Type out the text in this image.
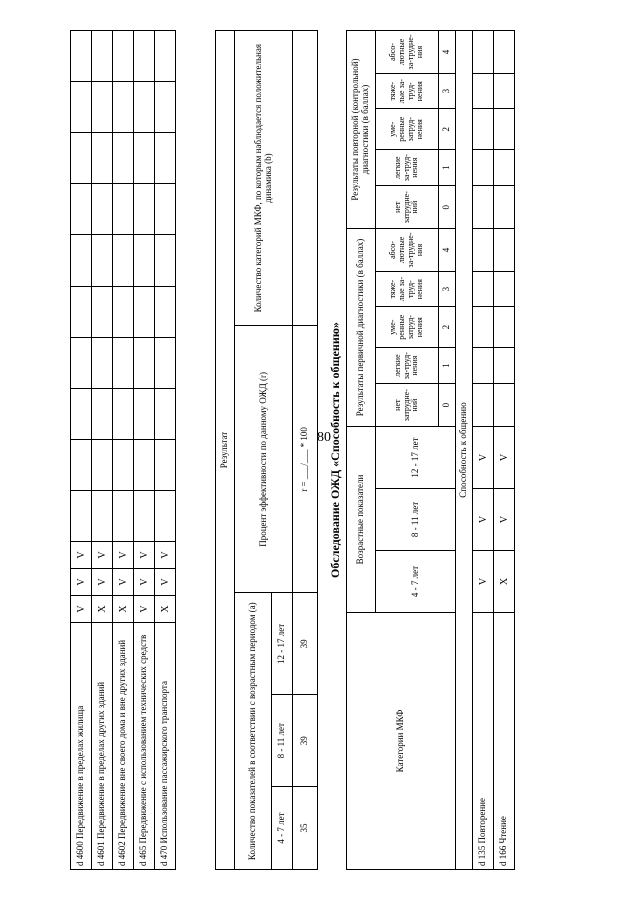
80
d 4600 Передвижение в пределах жилища	V	V	V										
d 4601 Передвижение в пределах других зданий	X	V	V										
d 4602 Передвижение вне своего дома и вне других зданий	X	V	V										
d 465 Передвижение с использованием технических средств	V	V	V										
d 470 Использование пассажирского транспорта	X	V	V										
Результат				
Количество показателей в соответствии с возрастным периодом (a)			Процент эффективности по данному ОЖД (r)	Количество категорий МКФ, по которым наблюдается положительная динамика (b)
4 - 7 лет	8 - 11 лет	12 - 17 лет		
35	39	39	r = ___/___ * 100	Обследование ОЖД «Способность к общению»
Категории МКФ	Возрастные показатели			Результаты первичной диагностики (в баллах)					Результаты повторной (контрольной) диагностики (в баллах)				
	4 - 7 лет	8 - 11 лет	12 - 17 лет	нет затрудне-ний	легкие за-труд-нения	уме-ренные затруд-нения	тяже-лые за-труд-нения	абсо-лютные за-трудне-ния	нет затрудне-ний	легкие за-труд-нения	уме-ренные затруд-нения	тяже-лые за-труд-нения	абсо-лютные за-трудне-ния
				0	1	2	3	4	0	1	2	3	4
Способность к общению													
d 135 Повторение	V	V	V										
d 166 Чтение	X	V	V										
